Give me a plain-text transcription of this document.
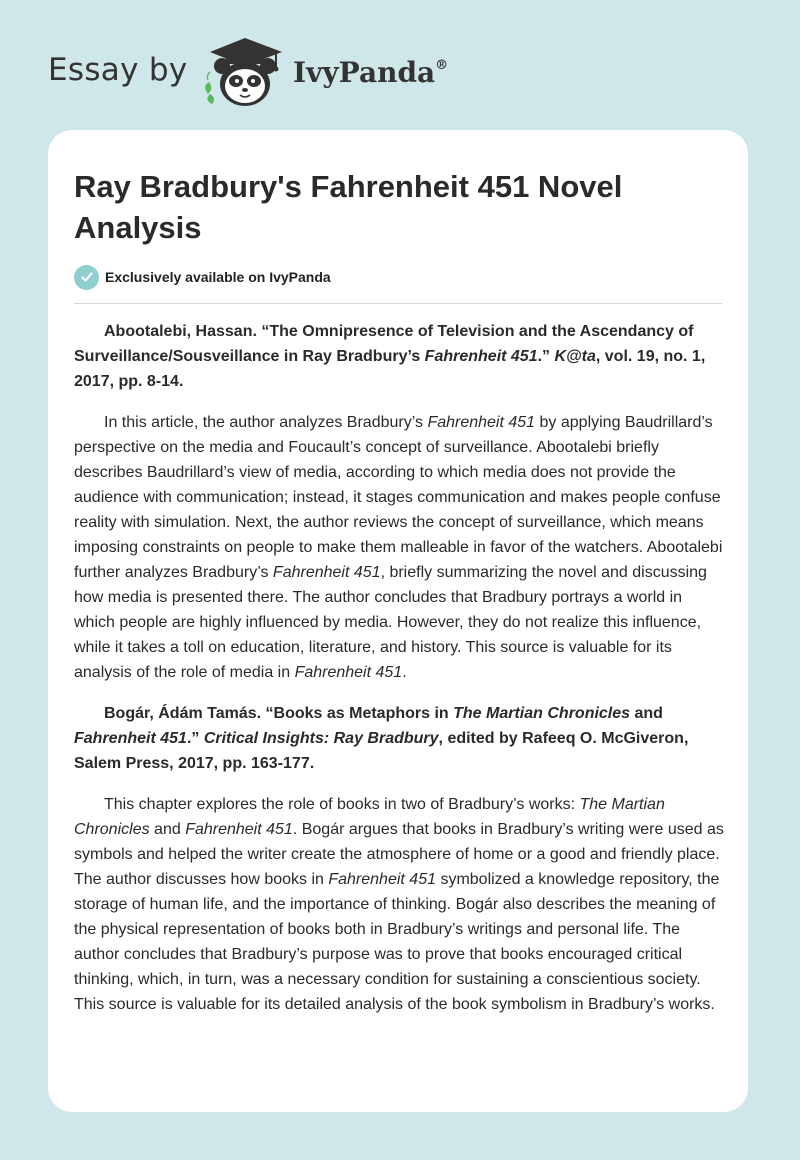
Essay by	IvyPanda®
Ray Bradbury's Fahrenheit 451 Novel Analysis
Exclusively available on IvyPanda

Abootalebi, Hassan. “The Omnipresence of Television and the Ascendancy of Surveillance/Sousveillance in Ray Bradbury’s Fahrenheit 451.” K@ta, vol. 19, no. 1, 2017, pp. 8-14.

In this article, the author analyzes Bradbury’s Fahrenheit 451 by applying Baudrillard’s perspective on the media and Foucault’s concept of surveillance. Abootalebi briefly describes Baudrillard’s view of media, according to which media does not provide the audience with communication; instead, it stages communication and makes people confuse reality with simulation. Next, the author reviews the concept of surveillance, which means imposing constraints on people to make them malleable in favor of the watchers. Abootalebi further analyzes Bradbury’s Fahrenheit 451, briefly summarizing the novel and discussing how media is presented there. The author concludes that Bradbury portrays a world in which people are highly influenced by media. However, they do not realize this influence, while it takes a toll on education, literature, and history. This source is valuable for its analysis of the role of media in Fahrenheit 451.

Bogár, Ádám Tamás. “Books as Metaphors in The Martian Chronicles and Fahrenheit 451.” Critical Insights: Ray Bradbury, edited by Rafeeq O. McGiveron, Salem Press, 2017, pp. 163-177.

This chapter explores the role of books in two of Bradbury’s works: The Martian Chronicles and Fahrenheit 451. Bogár argues that books in Bradbury’s writing were used as symbols and helped the writer create the atmosphere of home or a good and friendly place. The author discusses how books in Fahrenheit 451 symbolized a knowledge repository, the storage of human life, and the importance of thinking. Bogár also describes the meaning of the physical representation of books both in Bradbury’s writings and personal life. The author concludes that Bradbury’s purpose was to prove that books encouraged critical thinking, which, in turn, was a necessary condition for sustaining a conscientious society. This source is valuable for its detailed analysis of the book symbolism in Bradbury’s works.
